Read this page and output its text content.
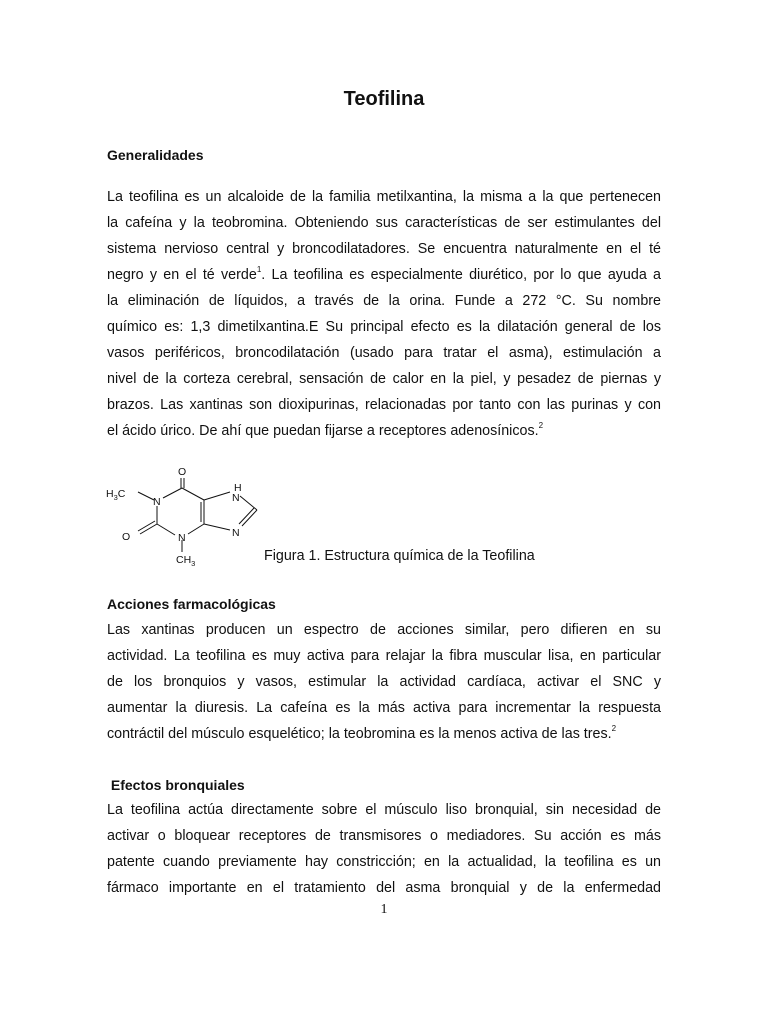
Teofilina
Generalidades
La teofilina es un alcaloide de la familia metilxantina, la misma a la que pertenecen
la cafeína y la teobromina. Obteniendo sus características de ser estimulantes del
sistema nervioso central y broncodilatadores. Se encuentra naturalmente en el té
negro y en el té verde$^1$. La teofilina es especialmente diurético, por lo que ayuda a
la eliminación de líquidos, a través de la orina. Funde a 272 °C. Su nombre
químico es: 1,3 dimetilxantina.E Su principal efecto es la dilatación general de los
vasos periféricos, broncodilatación (usado para tratar el asma), estimulación a
nivel de la corteza cerebral, sensación de calor en la piel, y pesadez de piernas y
brazos. Las xantinas son dioxipurinas, relacionadas por tanto con las purinas y con
el ácido úrico. De ahí que puedan fijarse a receptores adenosínicos.$^2$
O
$H_3C$
N
H
N
O	N	N
$CH_3$	Figura 1. Estructura química de la Teofilina
Acciones farmacológicas
Las xantinas producen un espectro de acciones similar, pero difieren en su
actividad. La teofilina es muy activa para relajar la fibra muscular lisa, en particular
de los bronquios y vasos, estimular la actividad cardíaca, activar el SNC y
aumentar la diuresis. La cafeína es la más activa para incrementar la respuesta
contráctil del músculo esquelético; la teobromina es la menos activa de las tres.$^2$
Efectos bronquiales
La teofilina actúa directamente sobre el músculo liso bronquial, sin necesidad de
activar o bloquear receptores de transmisores o mediadores. Su acción es más
patente cuando previamente hay constricción; en la actualidad, la teofilina es un
fármaco importante en el tratamiento del asma bronquial y de la enfermedad
1
